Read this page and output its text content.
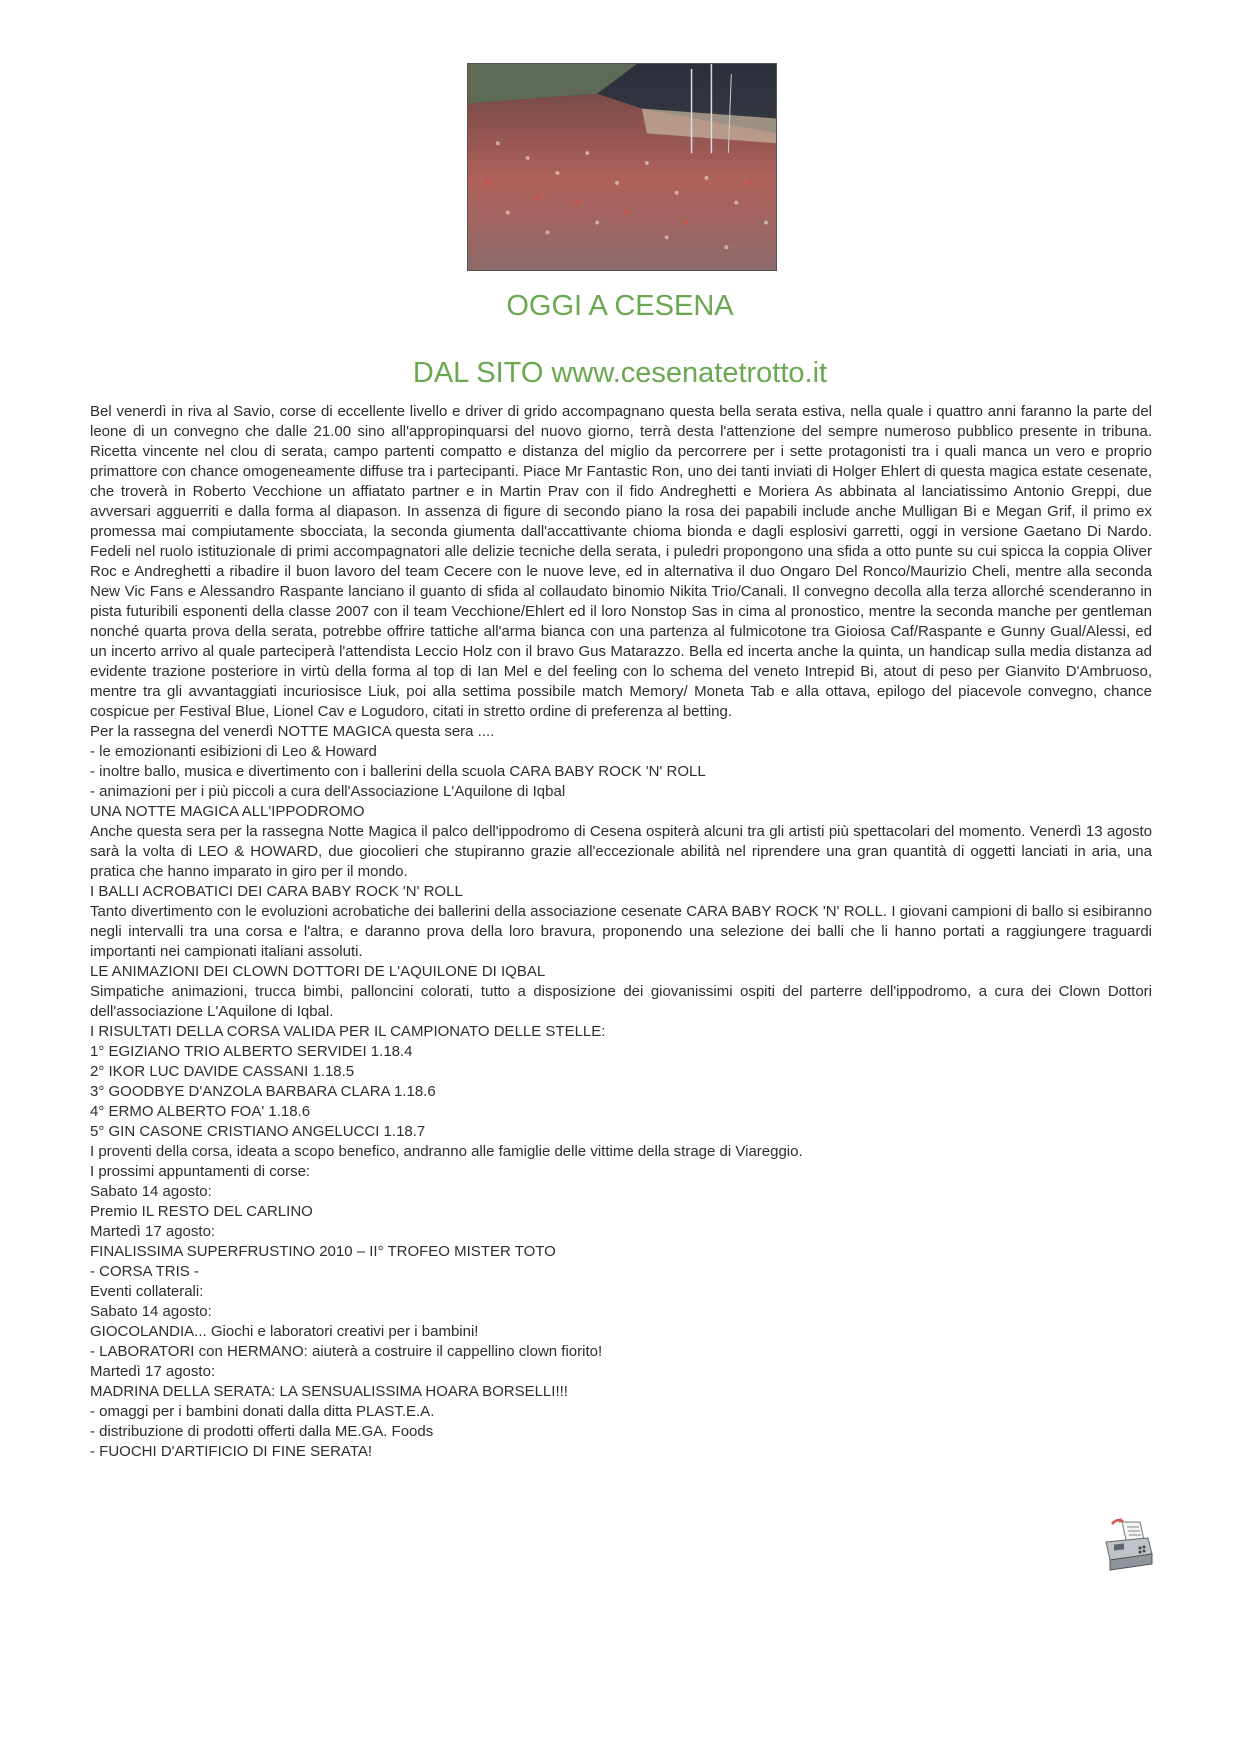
OGGI A CESENA
DAL SITO www.cesenatetrotto.it

Bel venerdì in riva al Savio, corse di eccellente livello e driver di grido accompagnano questa bella serata estiva, nella quale i quattro anni faranno la parte del leone di un convegno che dalle 21.00 sino all'appropinquarsi del nuovo giorno, terrà desta l'attenzione del sempre numeroso pubblico presente in tribuna. Ricetta vincente nel clou di serata, campo partenti compatto e distanza del miglio da percorrere per i sette protagonisti tra i quali manca un vero e proprio primattore con chance omogeneamente diffuse tra i partecipanti. Piace Mr Fantastic Ron, uno dei tanti inviati di Holger Ehlert di questa magica estate cesenate, che troverà in Roberto Vecchione un affiatato partner e in Martin Prav con il fido Andreghetti e Moriera As abbinata al lanciatissimo Antonio Greppi, due avversari agguerriti e dalla forma al diapason. In assenza di figure di secondo piano la rosa dei papabili include anche Mulligan Bi e Megan Grif, il primo ex promessa mai compiutamente sbocciata, la seconda giumenta dall'accattivante chioma bionda e dagli esplosivi garretti, oggi in versione Gaetano Di Nardo. Fedeli nel ruolo istituzionale di primi accompagnatori alle delizie tecniche della serata, i puledri propongono una sfida a otto punte su cui spicca la coppia Oliver Roc e Andreghetti a ribadire il buon lavoro del team Cecere con le nuove leve, ed in alternativa il duo Ongaro Del Ronco/Maurizio Cheli, mentre alla seconda New Vic Fans e Alessandro Raspante lanciano il guanto di sfida al collaudato binomio Nikita Trio/Canali. Il convegno decolla alla terza allorché scenderanno in pista futuribili esponenti della classe 2007 con il team Vecchione/Ehlert ed il loro Nonstop Sas in cima al pronostico, mentre la seconda manche per gentleman nonché quarta prova della serata, potrebbe offrire tattiche all'arma bianca con una partenza al fulmicotone tra Gioiosa Caf/Raspante e Gunny Gual/Alessi, ed un incerto arrivo al quale parteciperà l'attendista Leccio Holz con il bravo Gus Matarazzo. Bella ed incerta anche la quinta, un handicap sulla media distanza ad evidente trazione posteriore in virtù della forma al top di Ian Mel e del feeling con lo schema del veneto Intrepid Bi, atout di peso per Gianvito D'Ambruoso, mentre tra gli avvantaggiati incuriosisce Liuk, poi alla settima possibile match Memory/ Moneta Tab e alla ottava, epilogo del piacevole convegno, chance cospicue per Festival Blue, Lionel Cav e Logudoro, citati in stretto ordine di preferenza al betting.

Per la rassegna del venerdì NOTTE MAGICA questa sera ....
- le emozionanti esibizioni di Leo & Howard
- inoltre ballo, musica e divertimento con i ballerini della scuola CARA BABY ROCK 'N' ROLL
- animazioni per i più piccoli a cura dell'Associazione L'Aquilone di Iqbal
UNA NOTTE MAGICA ALL'IPPODROMO

Anche questa sera per la rassegna Notte Magica il palco dell'ippodromo di Cesena ospiterà alcuni tra gli artisti più spettacolari del momento. Venerdì 13 agosto sarà la volta di LEO & HOWARD, due giocolieri che stupiranno grazie all'eccezionale abilità nel riprendere una gran quantità di oggetti lanciati in aria, una pratica che hanno imparato in giro per il mondo.

I BALLI ACROBATICI DEI CARA BABY ROCK 'N' ROLL

Tanto divertimento con le evoluzioni acrobatiche dei ballerini della associazione cesenate CARA BABY ROCK 'N' ROLL. I giovani campioni di ballo si esibiranno negli intervalli tra una corsa e l'altra, e daranno prova della loro bravura, proponendo una selezione dei balli che li hanno portati a raggiungere traguardi importanti nei campionati italiani assoluti.

LE ANIMAZIONI DEI CLOWN DOTTORI DE L'AQUILONE DI IQBAL

Simpatiche animazioni, trucca bimbi, palloncini colorati, tutto a disposizione dei giovanissimi ospiti del parterre dell'ippodromo, a cura dei Clown Dottori dell'associazione L'Aquilone di Iqbal.

I RISULTATI DELLA CORSA VALIDA PER IL CAMPIONATO DELLE STELLE:
1° EGIZIANO TRIO ALBERTO SERVIDEI 1.18.4
2° IKOR LUC DAVIDE CASSANI 1.18.5
3° GOODBYE D'ANZOLA BARBARA CLARA 1.18.6
4° ERMO ALBERTO FOA' 1.18.6
5° GIN CASONE CRISTIANO ANGELUCCI 1.18.7
I proventi della corsa, ideata a scopo benefico, andranno alle famiglie delle vittime della strage di Viareggio.
I prossimi appuntamenti di corse:
Sabato 14 agosto:
Premio IL RESTO DEL CARLINO
Martedì 17 agosto:
FINALISSIMA SUPERFRUSTINO 2010 – II° TROFEO MISTER TOTO
- CORSA TRIS -
Eventi collaterali:
Sabato 14 agosto:
GIOCOLANDIA... Giochi e laboratori creativi per i bambini!
- LABORATORI con HERMANO: aiuterà a costruire il cappellino clown fiorito!
Martedì 17 agosto:
MADRINA DELLA SERATA: LA SENSUALISSIMA HOARA BORSELLI!!!
- omaggi per i bambini donati dalla ditta PLAST.E.A.
- distribuzione di prodotti offerti dalla ME.GA. Foods
- FUOCHI D'ARTIFICIO DI FINE SERATA!
